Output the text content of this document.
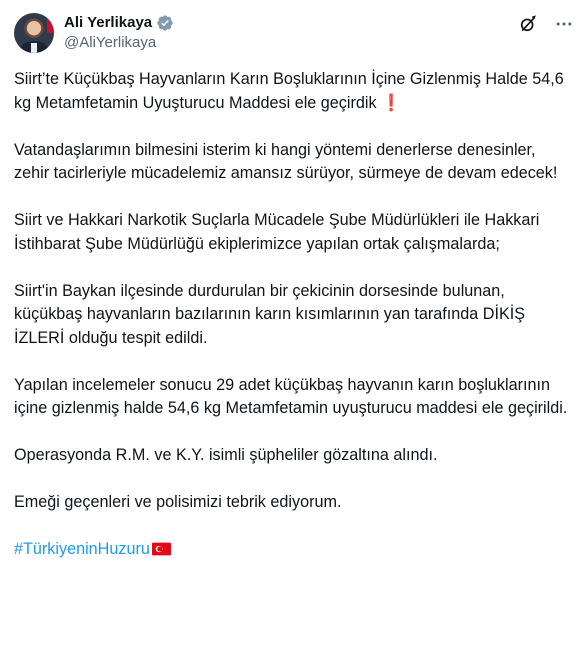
Ali Yerlikaya
@AliYerlikaya

Siirt’te Küçükbaş Hayvanların Karın Boşluklarının İçine Gizlenmiş Halde 54,6 kg Metamfetamin Uyuşturucu Maddesi ele geçirdik ❗

Vatandaşlarımın bilmesini isterim ki hangi yöntemi denerlerse denesinler, zehir tacirleriyle mücadelemiz amansız sürüyor, sürmeye de devam edecek!

Siirt ve Hakkari Narkotik Suçlarla Mücadele Şube Müdürlükleri ile Hakkari İstihbarat Şube Müdürlüğü ekiplerimizce yapılan ortak çalışmalarda;

Siirt'in Baykan ilçesinde durdurulan bir çekicinin dorsesinde bulunan, küçükbaş hayvanların bazılarının karın kısımlarının yan tarafında DİKİŞ İZLERİ olduğu tespit edildi.

Yapılan incelemeler sonucu 29 adet küçükbaş hayvanın karın boşluklarının içine gizlenmiş halde 54,6 kg Metamfetamin uyuşturucu maddesi ele geçirildi.

Operasyonda R.M. ve K.Y. isimli şüpheliler gözaltına alındı.

Emeği geçenleri ve polisimizi tebrik ediyorum.

#TürkiyeninHuzuru
